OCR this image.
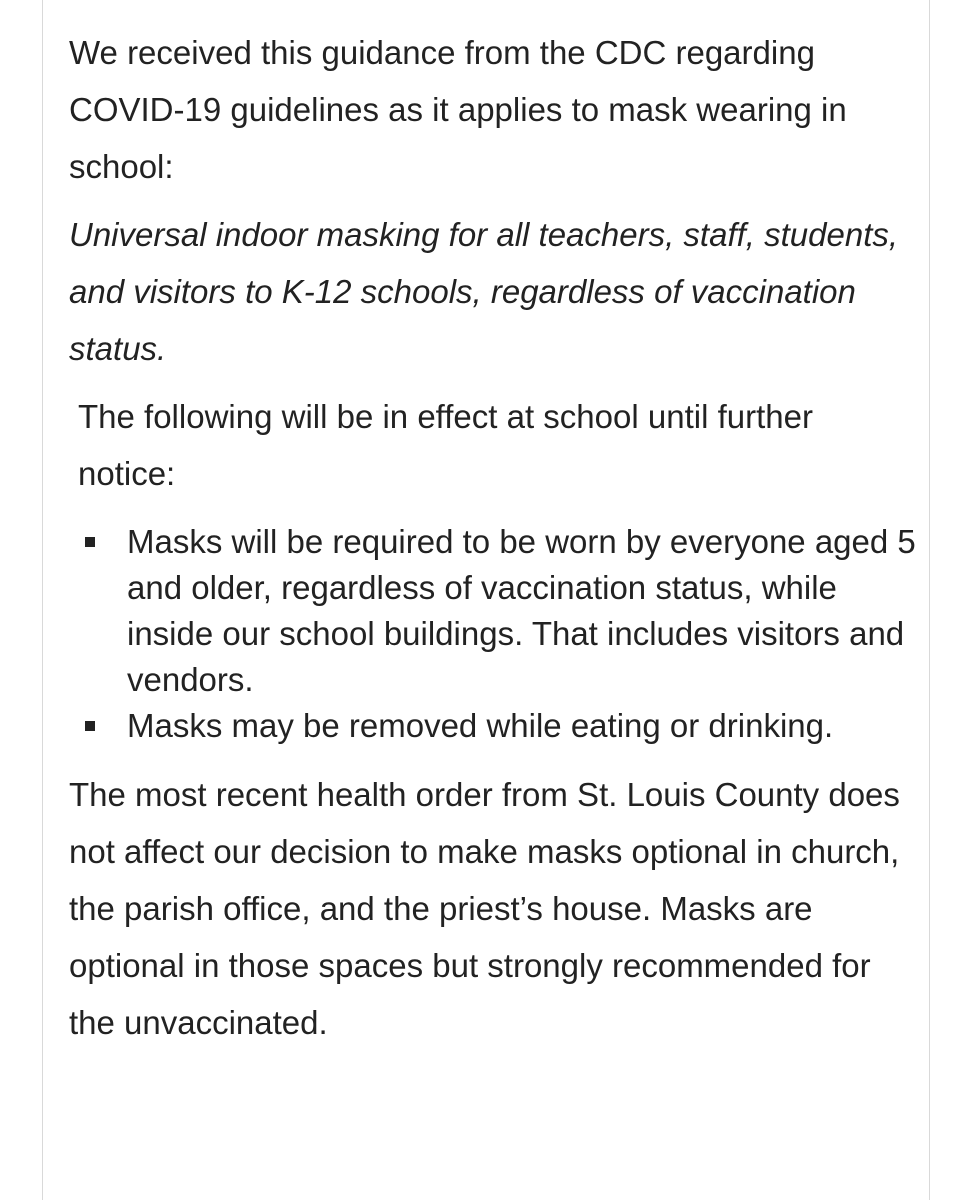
We received this guidance from the CDC regarding COVID-19 guidelines as it applies to mask wearing in school:

Universal indoor masking for all teachers, staff, students, and visitors to K-12 schools, regardless of vaccination status.

The following will be in effect at school until further notice:

Masks will be required to be worn by everyone aged 5 and older, regardless of vaccination status, while inside our school buildings. That includes visitors and vendors.
Masks may be removed while eating or drinking.

The most recent health order from St. Louis County does not affect our decision to make masks optional in church, the parish office, and the priest’s house. Masks are optional in those spaces but strongly recommended for the unvaccinated.
